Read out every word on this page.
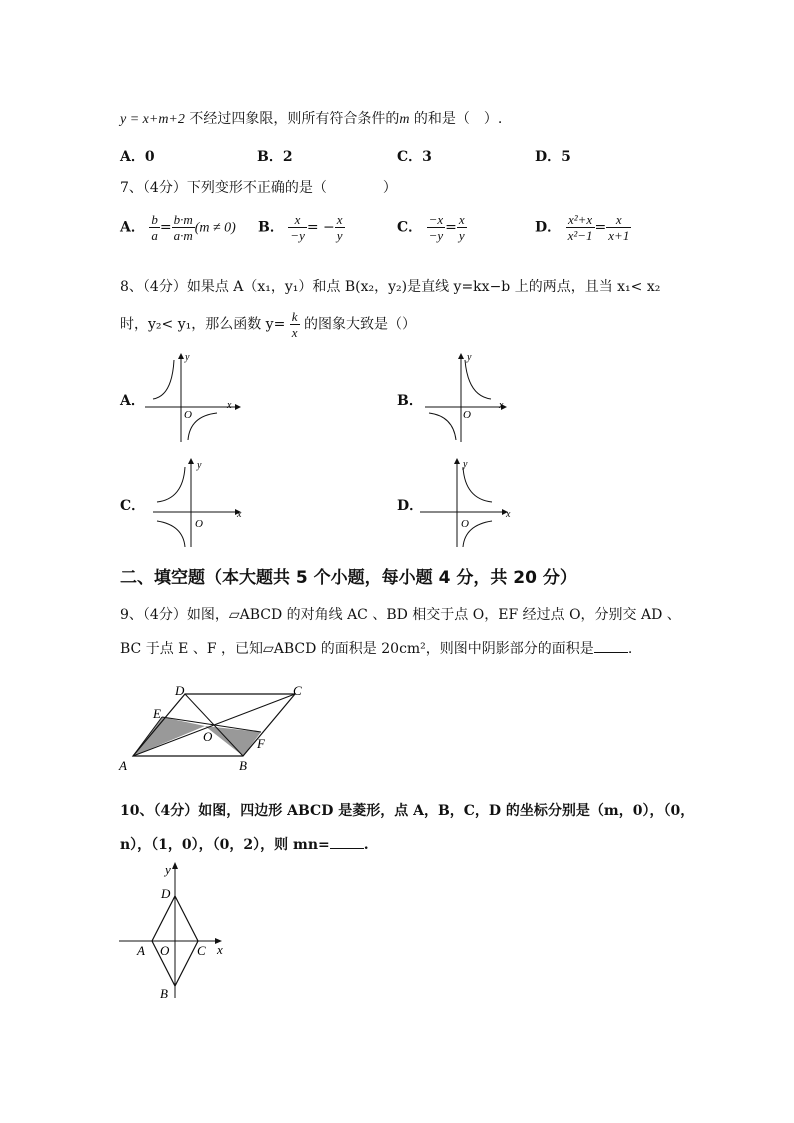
y = x+m+2 不经过四象限，则所有符合条件的m 的和是（　）.
A．0	B．2	C．3	D．5
7、（4分）下列变形不正确的是（　　　　）
A． $\frac{b}{a} = \frac{b\cdot m}{a\cdot m} (m \ne 0)$ B． $\frac{x}{-y}$ = − $\frac{x}{y}$	C． $\frac{-x}{-y} = \frac{x}{y}$	D． $\frac{\text{x²+x}}{\text{x²−1}} = \frac{x}{x+1}$
8、（4分）如果点 A（x₁，y₁）和点 B(x₂，y₂)是直线 y=kx−b 上的两点，且当 x₁< x₂
时，y₂< y₁，那么函数 $y= \frac{k}{x}$ 的图象大致是（）
A．	B．
C．	D．
y
x
O
y
x
O
y
x
O
y
x
O
二、填空题（本大题共 5 个小题，每小题 4 分，共 20 分）
9、（4分）如图，▱ABCD 的对角线 AC 、BD 相交于点 O，EF 经过点 O，分别交 AD 、
BC 于点 E 、F ，已知▱ABCD 的面积是 20cm²，则图中阴影部分的面积是 .
A	B
C
D
E
F
O
10、（4分）如图，四边形 ABCD 是菱形，点 A，B，C，D 的坐标分别是（m，0），（0，
n），（1，0），（0，2），则 mn= .
y
x
D
A O C
B
